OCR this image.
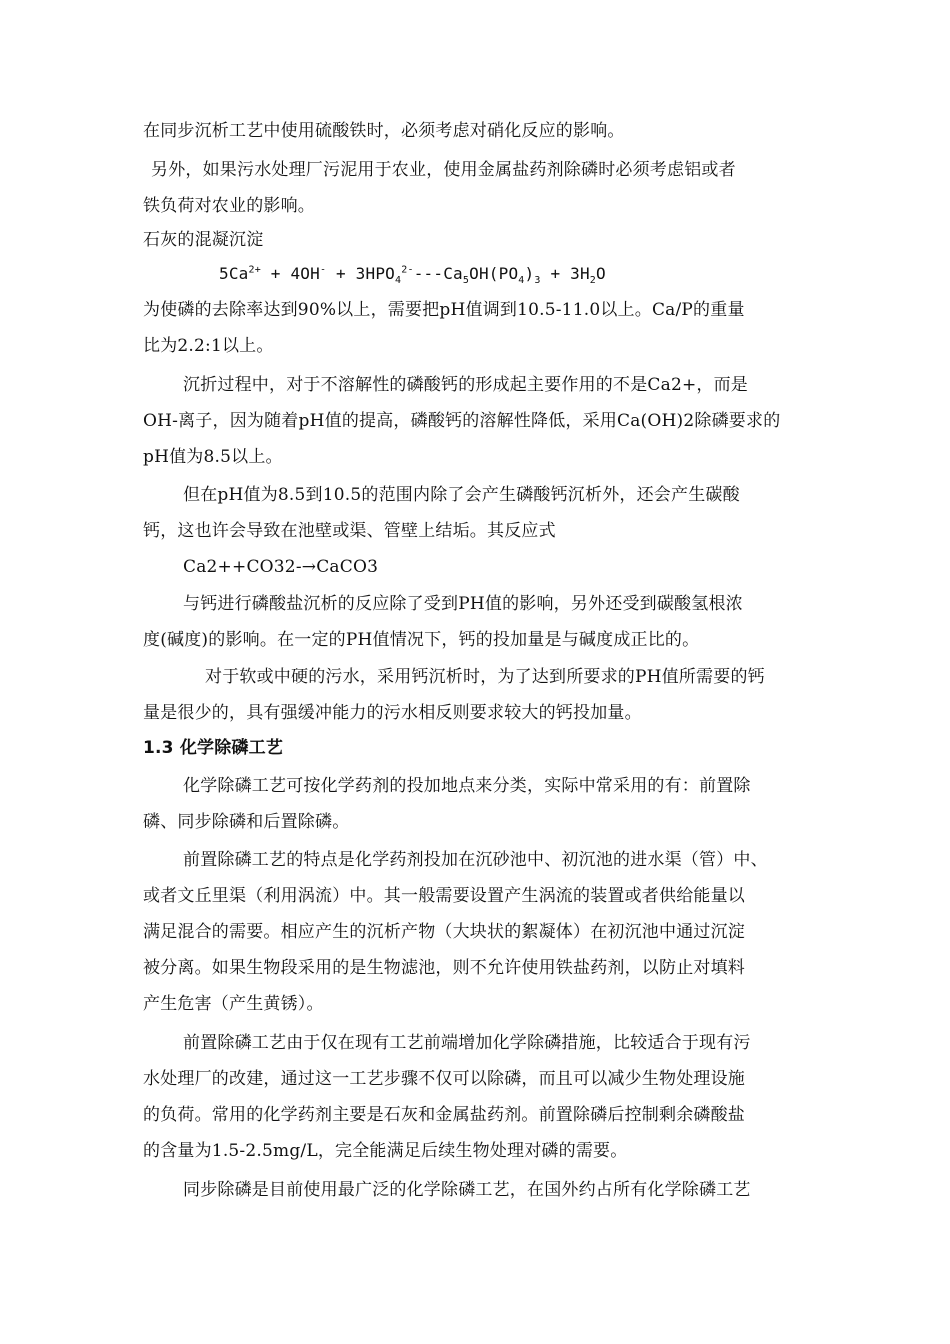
在同步沉析工艺中使用硫酸铁时，必须考虑对硝化反应的影响。
另外，如果污水处理厂污泥用于农业，使用金属盐药剂除磷时必须考虑铝或者
铁负荷对农业的影响。
石灰的混凝沉淀
$5Ca^{2+} + 4OH^- + 3HPO_4^{2-}---Ca_5OH(PO_4)_3 + 3H_2O$
为使磷的去除率达到90%以上，需要把pH值调到10.5-11.0以上。Ca/P的重量
比为2.2:1以上。
沉折过程中，对于不溶解性的磷酸钙的形成起主要作用的不是Ca2+，而是
OH-离子，因为随着pH值的提高，磷酸钙的溶解性降低，采用Ca(OH)2除磷要求的
pH值为8.5以上。
但在pH值为8.5到10.5的范围内除了会产生磷酸钙沉析外，还会产生碳酸
钙，这也许会导致在池壁或渠、管壁上结垢。其反应式
Ca2++CO32-→CaCO3
与钙进行磷酸盐沉析的反应除了受到PH值的影响，另外还受到碳酸氢根浓
度(碱度)的影响。在一定的PH值情况下，钙的投加量是与碱度成正比的。
对于软或中硬的污水，采用钙沉析时，为了达到所要求的PH值所需要的钙
量是很少的，具有强缓冲能力的污水相反则要求较大的钙投加量。
1.3 化学除磷工艺
化学除磷工艺可按化学药剂的投加地点来分类，实际中常采用的有：前置除
磷、同步除磷和后置除磷。
前置除磷工艺的特点是化学药剂投加在沉砂池中、初沉池的进水渠（管）中、
或者文丘里渠（利用涡流）中。其一般需要设置产生涡流的装置或者供给能量以
满足混合的需要。相应产生的沉析产物（大块状的絮凝体）在初沉池中通过沉淀
被分离。如果生物段采用的是生物滤池，则不允许使用铁盐药剂，以防止对填料
产生危害（产生黄锈）。
前置除磷工艺由于仅在现有工艺前端增加化学除磷措施，比较适合于现有污
水处理厂的改建，通过这一工艺步骤不仅可以除磷，而且可以减少生物处理设施
的负荷。常用的化学药剂主要是石灰和金属盐药剂。前置除磷后控制剩余磷酸盐
的含量为1.5-2.5mg/L，完全能满足后续生物处理对磷的需要。
同步除磷是目前使用最广泛的化学除磷工艺，在国外约占所有化学除磷工艺
